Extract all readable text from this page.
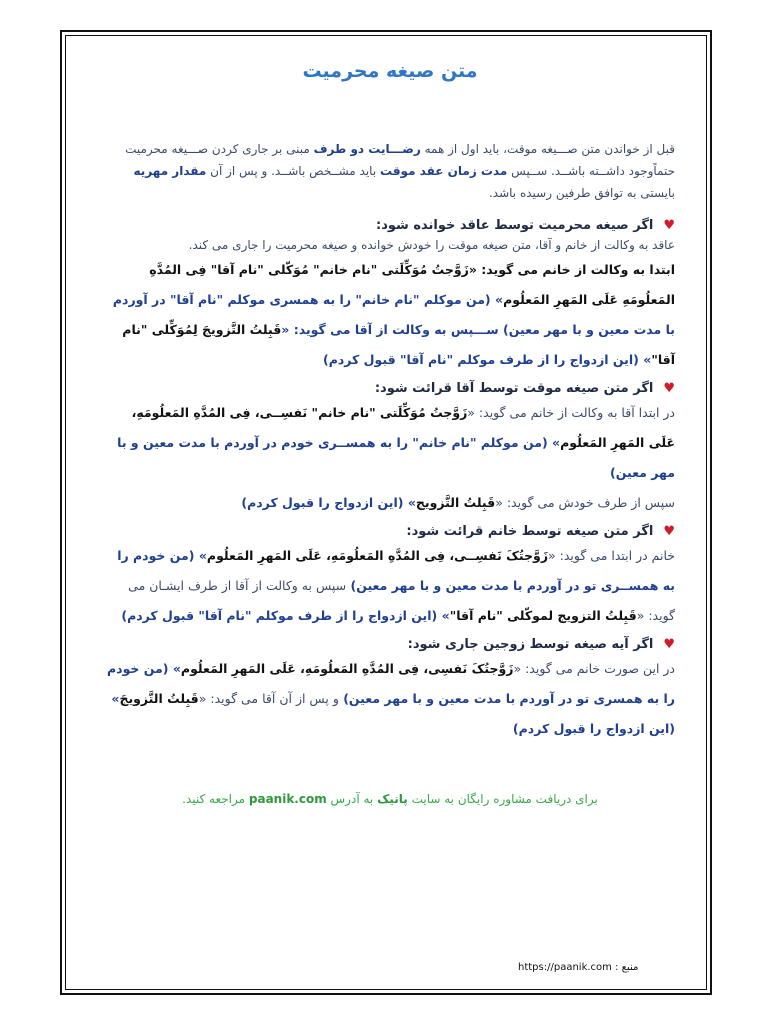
متن صیغه محرمیت

قبل از خواندن متن صـــیغه موقت، باید اول از همه رضـــایت دو طرف مبنی بر جاری کردن صـــیغه محرمیت حتماًوجود داشــته باشــد. ســپس مدت زمان عقد موقت باید مشــخص باشــد. و پس از آن مقدار مهریه بایستی به توافق طرفین رسیده باشد.

♥اگر صیغه محرمیت توسط عاقد خوانده شود:

عاقد به وکالت از خانم و آقا، متن صیغه موقت را خودش خوانده و صیغه محرمیت را جاری می کند.

ابتدا به وکالت از خانم می گوید: «زَوَّجتُ مُوَکِّلَتی "نام خانم" مُوَکّلی "نام آقا" فِی المُدَّهِ المَعلُومَهِ عَلَی المَهرِ المَعلُوم» (من موکلم "نام خانم" را به همسری موکلم "نام آقا" در آوردم با مدت معین و با مهر معین) ســـپس به وکالت از آقا می گوید: «قَبِلتُ التَّزویجَ لِمُوَکِّلی "نام آقا"» (این ازدواج را از طرف موکلم "نام آقا" قبول کردم)

♥اگر متن صیغه موقت توسط آقا قرائت شود:

در ابتدا آقا به وکالت از خانم می گوید: «زَوَّجتُ مُوَکِّلَتی "نام خانم" نَفسِــی، فِی المُدَّهِ المَعلُومَهِ، عَلَی المَهرِ المَعلُوم» (من موکلم "نام خانم" را به همســری خودم در آوردم با مدت معین و با مهر معین)
سپس از طرف خودش می گوید: «قَبِلتُ التَّزویج» (این ازدواج را قبول کردم)

♥اگر متن صیغه توسط خانم قرائت شود:

خانم در ابتدا می گوید: «زَوَّجتُکَ نَفسِــی، فِی المُدَّهِ المَعلُومَهِ، عَلَی المَهرِ المَعلُوم» (من خودم را به همســری تو در آوردم با مدت معین و با مهر معین) سپس به وکالت از آقا از طرف ایشـان می گوید: «قَبِلتُ التزویج لموکّلی "نام آقا"» (این ازدواج را از طرف موکلم "نام آقا" قبول کردم)

♥اگر آیه صیغه توسط زوجین جاری شود:

در این صورت خانم می گوید: «زَوَّجتُکَ نَفسِی، فِی المُدَّهِ المَعلُومَهِ، عَلَی المَهرِ المَعلُوم» (من خودم را به همسری تو در آوردم با مدت معین و با مهر معین) و پس از آن آقا می گوید: «قَبِلتُ التَّزویجَ» (این ازدواج را قبول کردم)

برای دریافت مشاوره رایگان به سایت پانیک به آدرس paanik.com مراجعه کنید.
منبع : https://paanik.com
